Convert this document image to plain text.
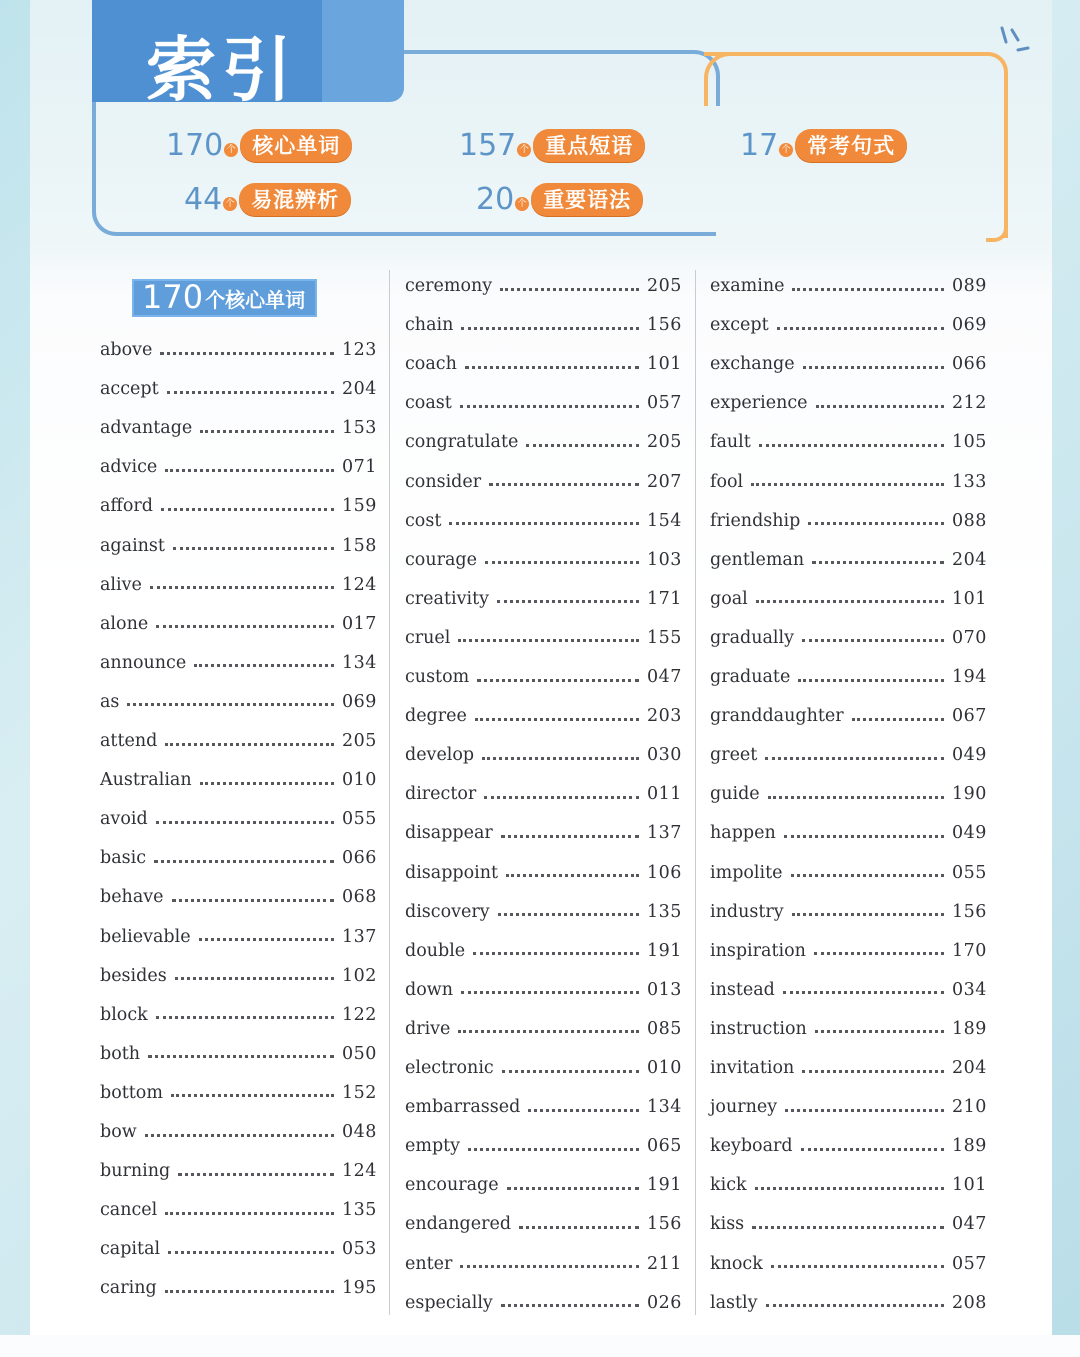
索引
170 个 核心单词
44 个 易混辨析
157 个 重点短语
20 个 重要语法
17 个 常考句式
170 个核心单词
above	123
accept	204
advantage	153
advice	071
afford	159
against	158
alive	124
alone	017
announce	134
as	069
attend	205
Australian	010
avoid	055
basic	066
behave	068
believable	137
besides	102
block	122
both	050
bottom	152
bow	048
burning	124
cancel	135
capital	053
caring	195
ceremony	205
chain	156
coach	101
coast	057
congratulate	205
consider	207
cost	154
courage	103
creativity	171
cruel	155
custom	047
degree	203
develop	030
director	011
disappear	137
disappoint	106
discovery	135
double	191
down	013
drive	085
electronic	010
embarrassed	134
empty	065
encourage	191
endangered	156
enter	211
especially	026
examine	089
except	069
exchange	066
experience	212
fault	105
fool	133
friendship	088
gentleman	204
goal	101
gradually	070
graduate	194
granddaughter	067
greet	049
guide	190
happen	049
impolite	055
industry	156
inspiration	170
instead	034
instruction	189
invitation	204
journey	210
keyboard	189
kick	101
kiss	047
knock	057
lastly	208
